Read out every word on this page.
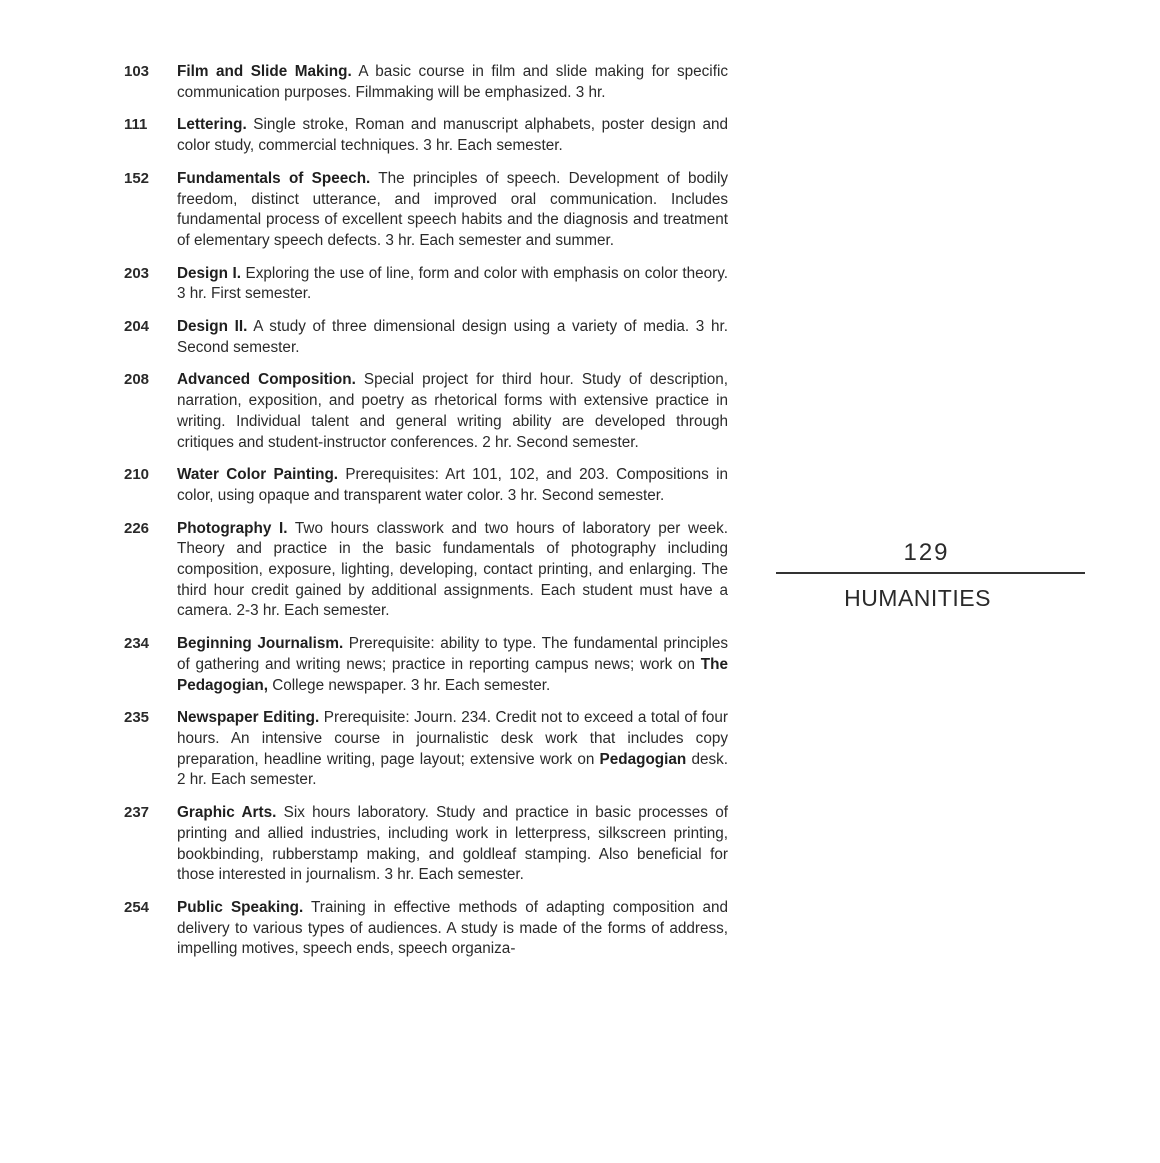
103 Film and Slide Making. A basic course in film and slide making for specific communication purposes. Filmmaking will be emphasized. 3 hr.
111 Lettering. Single stroke, Roman and manuscript alphabets, poster design and color study, commercial techniques. 3 hr. Each semester.
152 Fundamentals of Speech. The principles of speech. Development of bodily freedom, distinct utterance, and improved oral communication. Includes fundamental process of excellent speech habits and the diagnosis and treatment of elementary speech defects. 3 hr. Each semester and summer.
203 Design I. Exploring the use of line, form and color with emphasis on color theory. 3 hr. First semester.
204 Design II. A study of three dimensional design using a variety of media. 3 hr. Second semester.
208 Advanced Composition. Special project for third hour. Study of description, narration, exposition, and poetry as rhetorical forms with extensive practice in writing. Individual talent and general writing ability are developed through critiques and student-instructor conferences. 2 hr. Second semester.
210 Water Color Painting. Prerequisites: Art 101, 102, and 203. Compositions in color, using opaque and transparent water color. 3 hr. Second semester.
226 Photography I. Two hours classwork and two hours of laboratory per week. Theory and practice in the basic fundamentals of photography including composition, exposure, lighting, developing, contact printing, and enlarging. The third hour credit gained by additional assignments. Each student must have a camera. 2-3 hr. Each semester.
234 Beginning Journalism. Prerequisite: ability to type. The fundamental principles of gathering and writing news; practice in reporting campus news; work on The Pedagogian, College newspaper. 3 hr. Each semester.
235 Newspaper Editing. Prerequisite: Journ. 234. Credit not to exceed a total of four hours. An intensive course in journalistic desk work that includes copy preparation, headline writing, page layout; extensive work on Pedagogian desk. 2 hr. Each semester.
237 Graphic Arts. Six hours laboratory. Study and practice in basic processes of printing and allied industries, including work in letterpress, silkscreen printing, bookbinding, rubberstamp making, and goldleaf stamping. Also beneficial for those interested in journalism. 3 hr. Each semester.
254 Public Speaking. Training in effective methods of adapting composition and delivery to various types of audiences. A study is made of the forms of address, impelling motives, speech ends, speech organiza-
129
HUMANITIES
